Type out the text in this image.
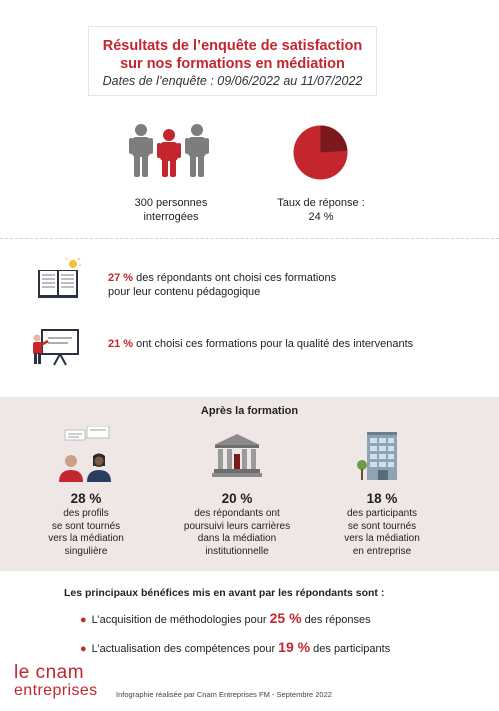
Résultats de l’enquête de satisfaction
sur nos formations en médiation
Dates de l’enquête : 09/06/2022 au 11/07/2022
300 personnes
interrogées
Taux de réponse :
24 %
27 % des répondants ont choisi ces formations
pour leur contenu pédagogique
21 % ont choisi ces formations pour la qualité des intervenants
Après la formation
28 %
des profils
se sont tournés
vers la médiation
singulière
20 %
des répondants ont
poursuivi leurs carrières
dans la médiation
institutionnelle
18 %
des participants
se sont tournés
vers la médiation
en entreprise
Les principaux bénéfices mis en avant par les répondants sont :
● L’acquisition de méthodologies pour 25 % des réponses
● L’actualisation des compétences pour 19 % des participants
le cnam
entreprises Infographie réalisée par Cnam Entreprises FM - Septembre 2022
